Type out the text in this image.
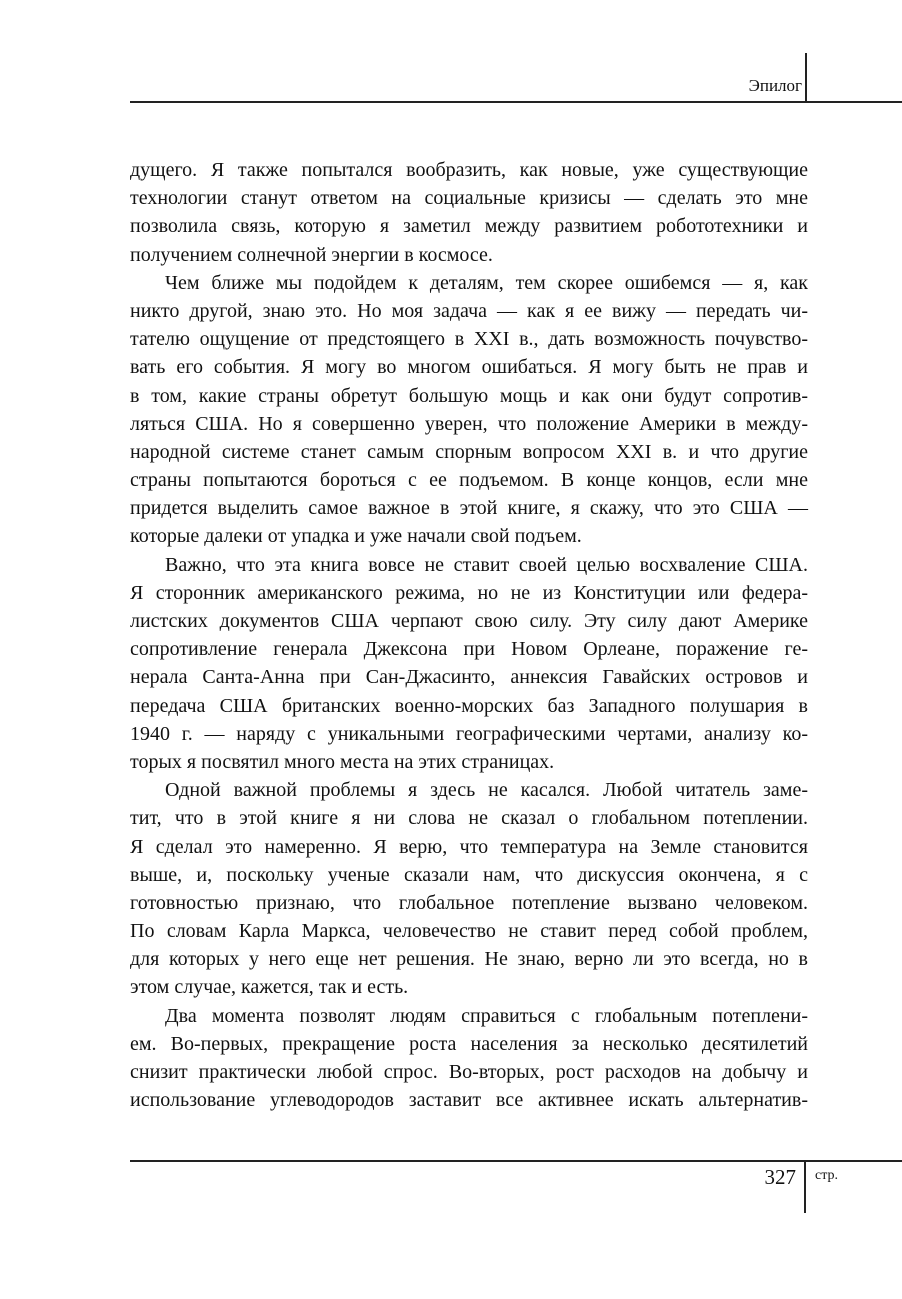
Эпилог
дущего. Я также попытался вообразить, как новые, уже существующие
технологии станут ответом на социальные кризисы — сделать это мне
позволила связь, которую я заметил между развитием робототехники и
получением солнечной энергии в космосе.
Чем ближе мы подойдем к деталям, тем скорее ошибемся — я, как
никто другой, знаю это. Но моя задача — как я ее вижу — передать чи-
тателю ощущение от предстоящего в XXI в., дать возможность почувство-
вать его события. Я могу во многом ошибаться. Я могу быть не прав и
в том, какие страны обретут большую мощь и как они будут сопротив-
ляться США. Но я совершенно уверен, что положение Америки в между-
народной системе станет самым спорным вопросом XXI в. и что другие
страны попытаются бороться с ее подъемом. В конце концов, если мне
придется выделить самое важное в этой книге, я скажу, что это США —
которые далеки от упадка и уже начали свой подъем.
Важно, что эта книга вовсе не ставит своей целью восхваление США.
Я сторонник американского режима, но не из Конституции или федера-
листских документов США черпают свою силу. Эту силу дают Америке
сопротивление генерала Джексона при Новом Орлеане, поражение ге-
нерала Санта-Анна при Сан-Джасинто, аннексия Гавайских островов и
передача США британских военно-морских баз Западного полушария в
1940 г. — наряду с уникальными географическими чертами, анализу ко-
торых я посвятил много места на этих страницах.
Одной важной проблемы я здесь не касался. Любой читатель заме-
тит, что в этой книге я ни слова не сказал о глобальном потеплении.
Я сделал это намеренно. Я верю, что температура на Земле становится
выше, и, поскольку ученые сказали нам, что дискуссия окончена, я с
готовностью признаю, что глобальное потепление вызвано человеком.
По словам Карла Маркса, человечество не ставит перед собой проблем,
для которых у него еще нет решения. Не знаю, верно ли это всегда, но в
этом случае, кажется, так и есть.
Два момента позволят людям справиться с глобальным потеплени-
ем. Во-первых, прекращение роста населения за несколько десятилетий
снизит практически любой спрос. Во-вторых, рост расходов на добычу и
использование углеводородов заставит все активнее искать альтернатив-
327 стр.
